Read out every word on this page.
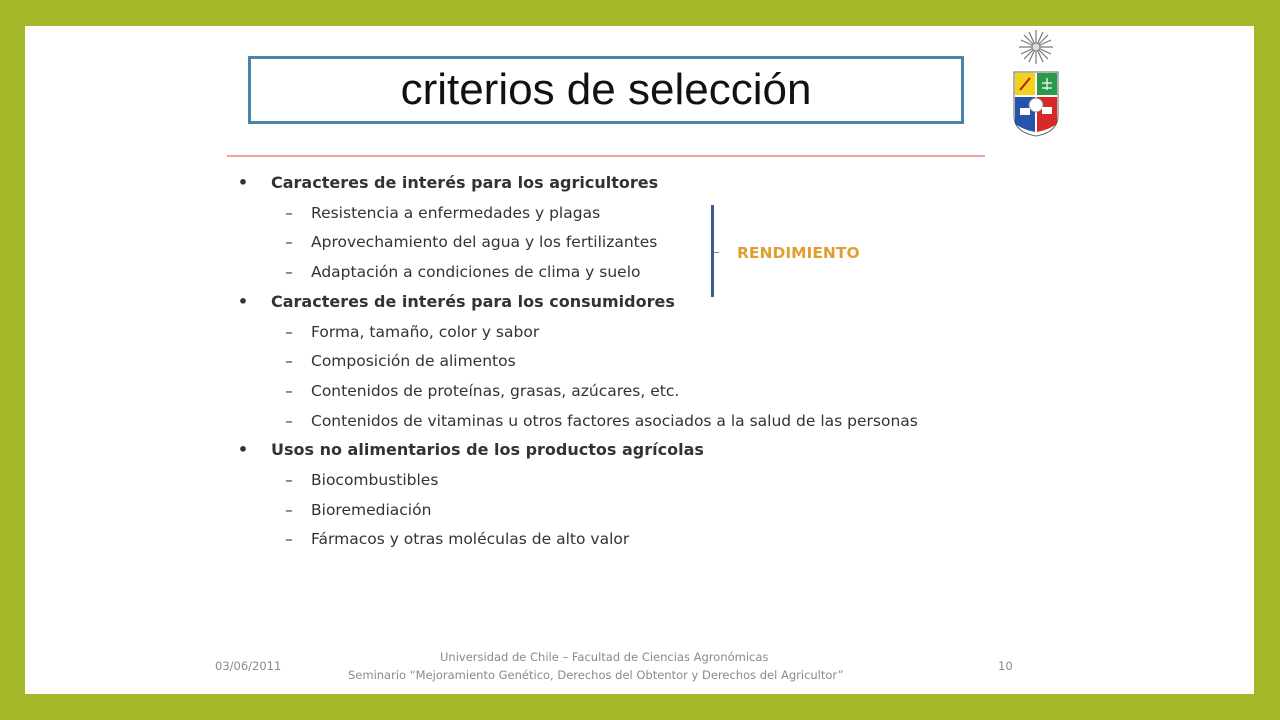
criterios de selección
•	Caracteres de interés para los agricultores
–	Resistencia a enfermedades y plagas
–	Aprovechamiento del agua y los fertilizantes
–	Adaptación a condiciones de clima y suelo
•	Caracteres de interés para los consumidores
–	Forma, tamaño, color y sabor
–	Composición de alimentos
–	Contenidos de proteínas, grasas, azúcares, etc.
–	Contenidos de vitaminas u otros factores asociados a la salud de las personas
•	Usos no alimentarios de los productos agrícolas
–	Biocombustibles
–	Bioremediación
–	Fármacos y otras moléculas de alto valor
RENDIMIENTO
03/06/2011
Universidad de Chile – Facultad de Ciencias Agronómicas
Seminario “Mejoramiento Genético, Derechos del Obtentor y Derechos del Agricultor”
10
